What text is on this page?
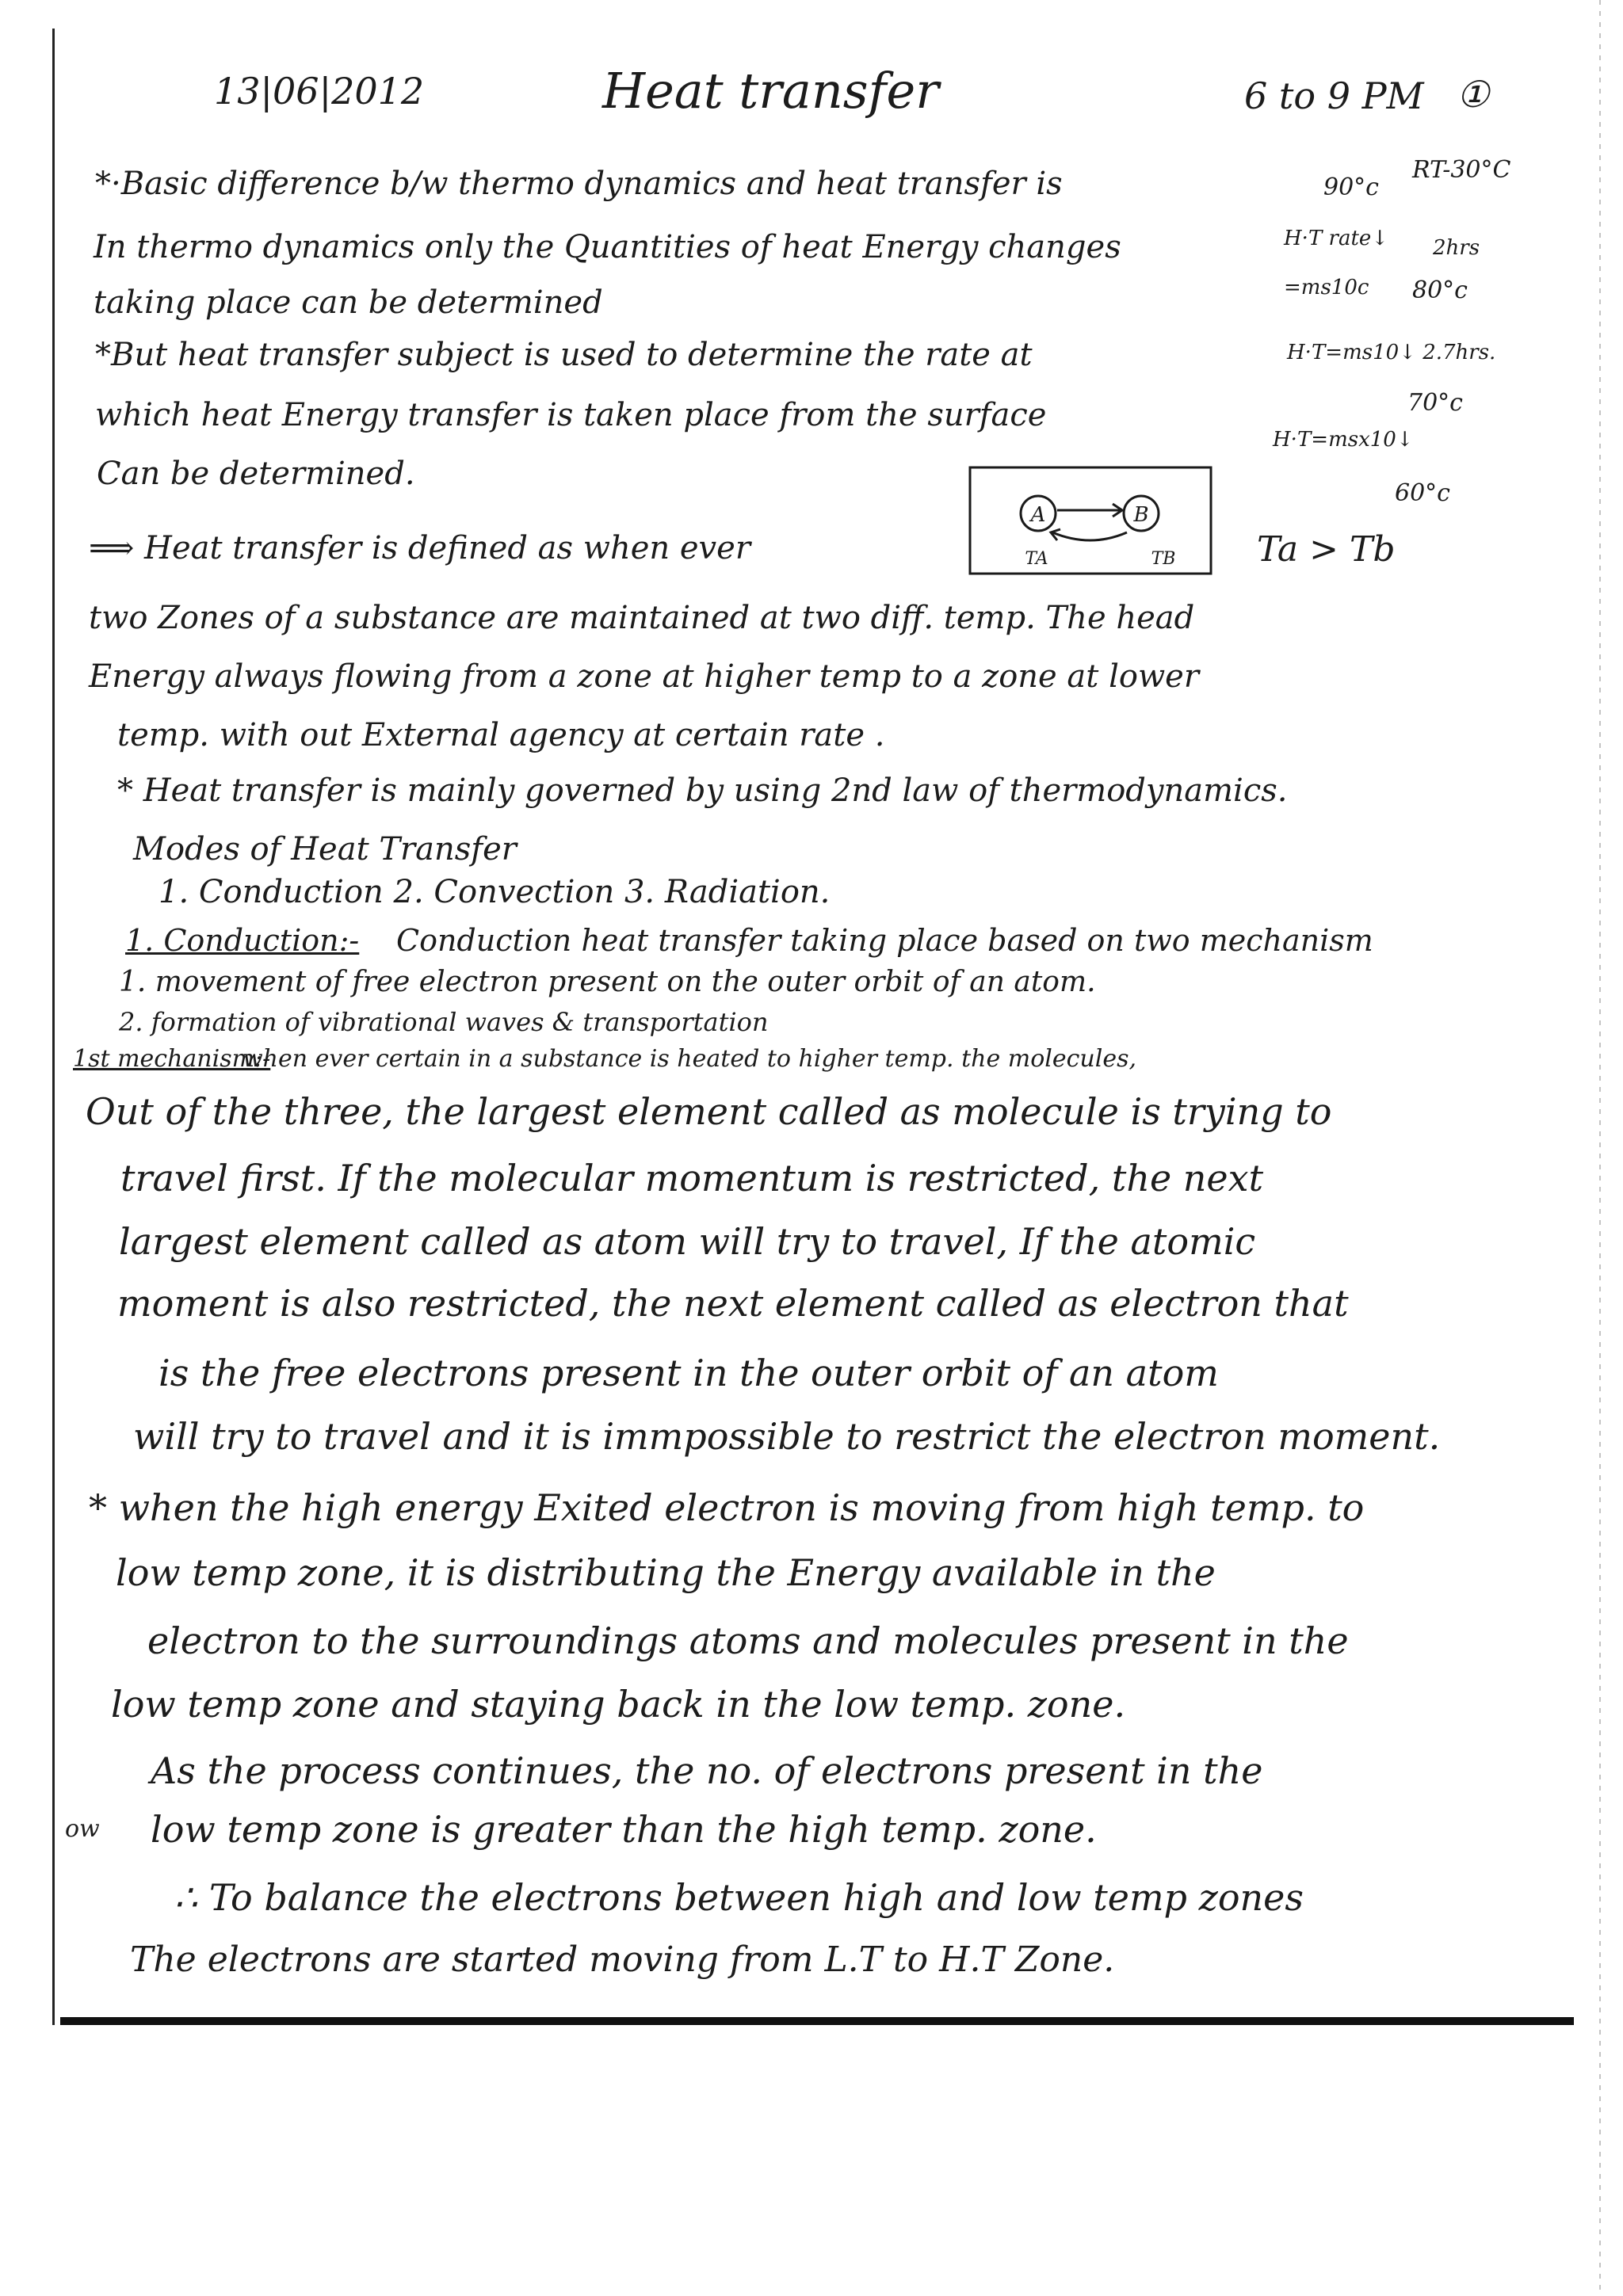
13|06|2012	Heat transfer	6 to 9 PM ①
RT-30°C
90°c
H·T rate↓ 2hrs
=ms10c 80°c
H·T=ms10↓ 2.7hrs.
70°c
H·T=msx10↓
60°c
A	B
TA	TB Ta > Tb
*·Basic difference b/w thermo dynamics and heat transfer is
In thermo dynamics only the Quantities of heat Energy changes
taking place can be determined
*But heat transfer subject is used to determine the rate at
which heat Energy transfer is taken place from the surface
Can be determined.
⟹ Heat transfer is defined as when ever
two Zones of a substance are maintained at two diff. temp. The head
Energy always flowing from a zone at higher temp to a zone at lower
temp. with out External agency at certain rate .
* Heat transfer is mainly governed by using 2nd law of thermodynamics.
Modes of Heat Transfer
1. Conduction 2. Convection 3. Radiation.
1. Conduction:- Conduction heat transfer taking place based on two mechanism
1. movement of free electron present on the outer orbit of an atom.
2. formation of vibrational waves & transportation
1st mechanism:-
when ever certain in a substance is heated to higher temp. the molecules,
Out of the three, the largest element called as molecule is trying to
travel first. If the molecular momentum is restricted, the next
largest element called as atom will try to travel, If the atomic
moment is also restricted, the next element called as electron that
is the free electrons present in the outer orbit of an atom
will try to travel and it is immpossible to restrict the electron moment.
* when the high energy Exited electron is moving from high temp. to
low temp zone, it is distributing the Energy available in the
electron to the surroundings atoms and molecules present in the
low temp zone and staying back in the low temp. zone.
As the process continues, the no. of electrons present in the
ow low temp zone is greater than the high temp. zone.
∴ To balance the electrons between high and low temp zones
The electrons are started moving from L.T to H.T Zone.
